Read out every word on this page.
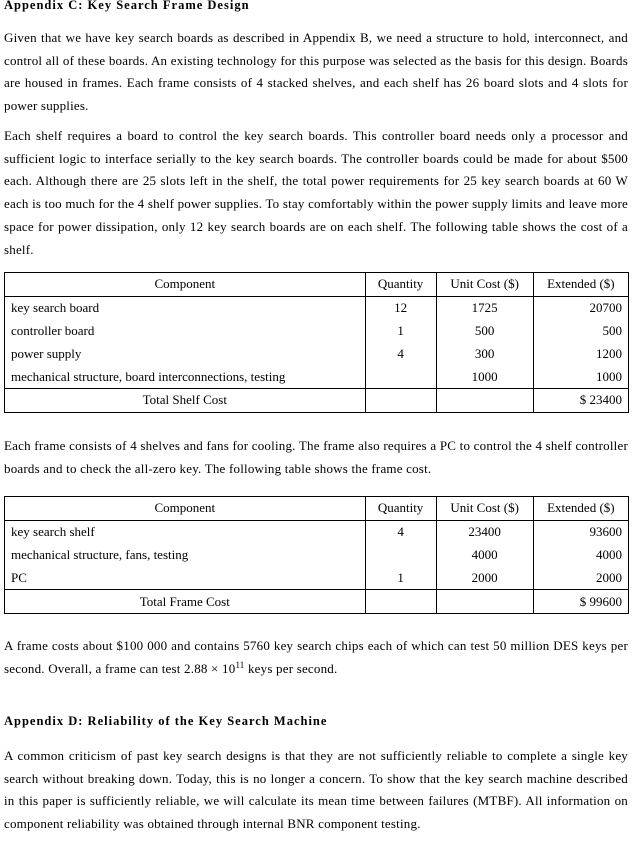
Appendix C: Key Search Frame Design

Given that we have key search boards as described in Appendix B, we need a structure to hold, interconnect, and control all of these boards. An existing technology for this purpose was selected as the basis for this design. Boards are housed in frames. Each frame consists of 4 stacked shelves, and each shelf has 26 board slots and 4 slots for power supplies.

Each shelf requires a board to control the key search boards. This controller board needs only a processor and sufficient logic to interface serially to the key search boards. The controller boards could be made for about $500 each. Although there are 25 slots left in the shelf, the total power requirements for 25 key search boards at 60 W each is too much for the 4 shelf power supplies. To stay comfortably within the power supply limits and leave more space for power dissipation, only 12 key search boards are on each shelf. The following table shows the cost of a shelf.

Component	Quantity	Unit Cost ($)	Extended ($)
key search board	12	1725	20700
controller board	1	500	500
power supply	4	300	1200
mechanical structure, board interconnections, testing		1000	1000
Total Shelf Cost			$ 23400

Each frame consists of 4 shelves and fans for cooling. The frame also requires a PC to control the 4 shelf controller boards and to check the all-zero key. The following table shows the frame cost.

Component	Quantity	Unit Cost ($)	Extended ($)
key search shelf	4	23400	93600
mechanical structure, fans, testing		4000	4000
PC	1	2000	2000
Total Frame Cost			$ 99600

A frame costs about $100 000 and contains 5760 key search chips each of which can test 50 million DES keys per second. Overall, a frame can test $2.88 \times 10^{11}$ keys per second.

Appendix D: Reliability of the Key Search Machine

A common criticism of past key search designs is that they are not sufficiently reliable to complete a single key search without breaking down. Today, this is no longer a concern. To show that the key search machine described in this paper is sufficiently reliable, we will calculate its mean time between failures (MTBF). All information on component reliability was obtained through internal BNR component testing.
